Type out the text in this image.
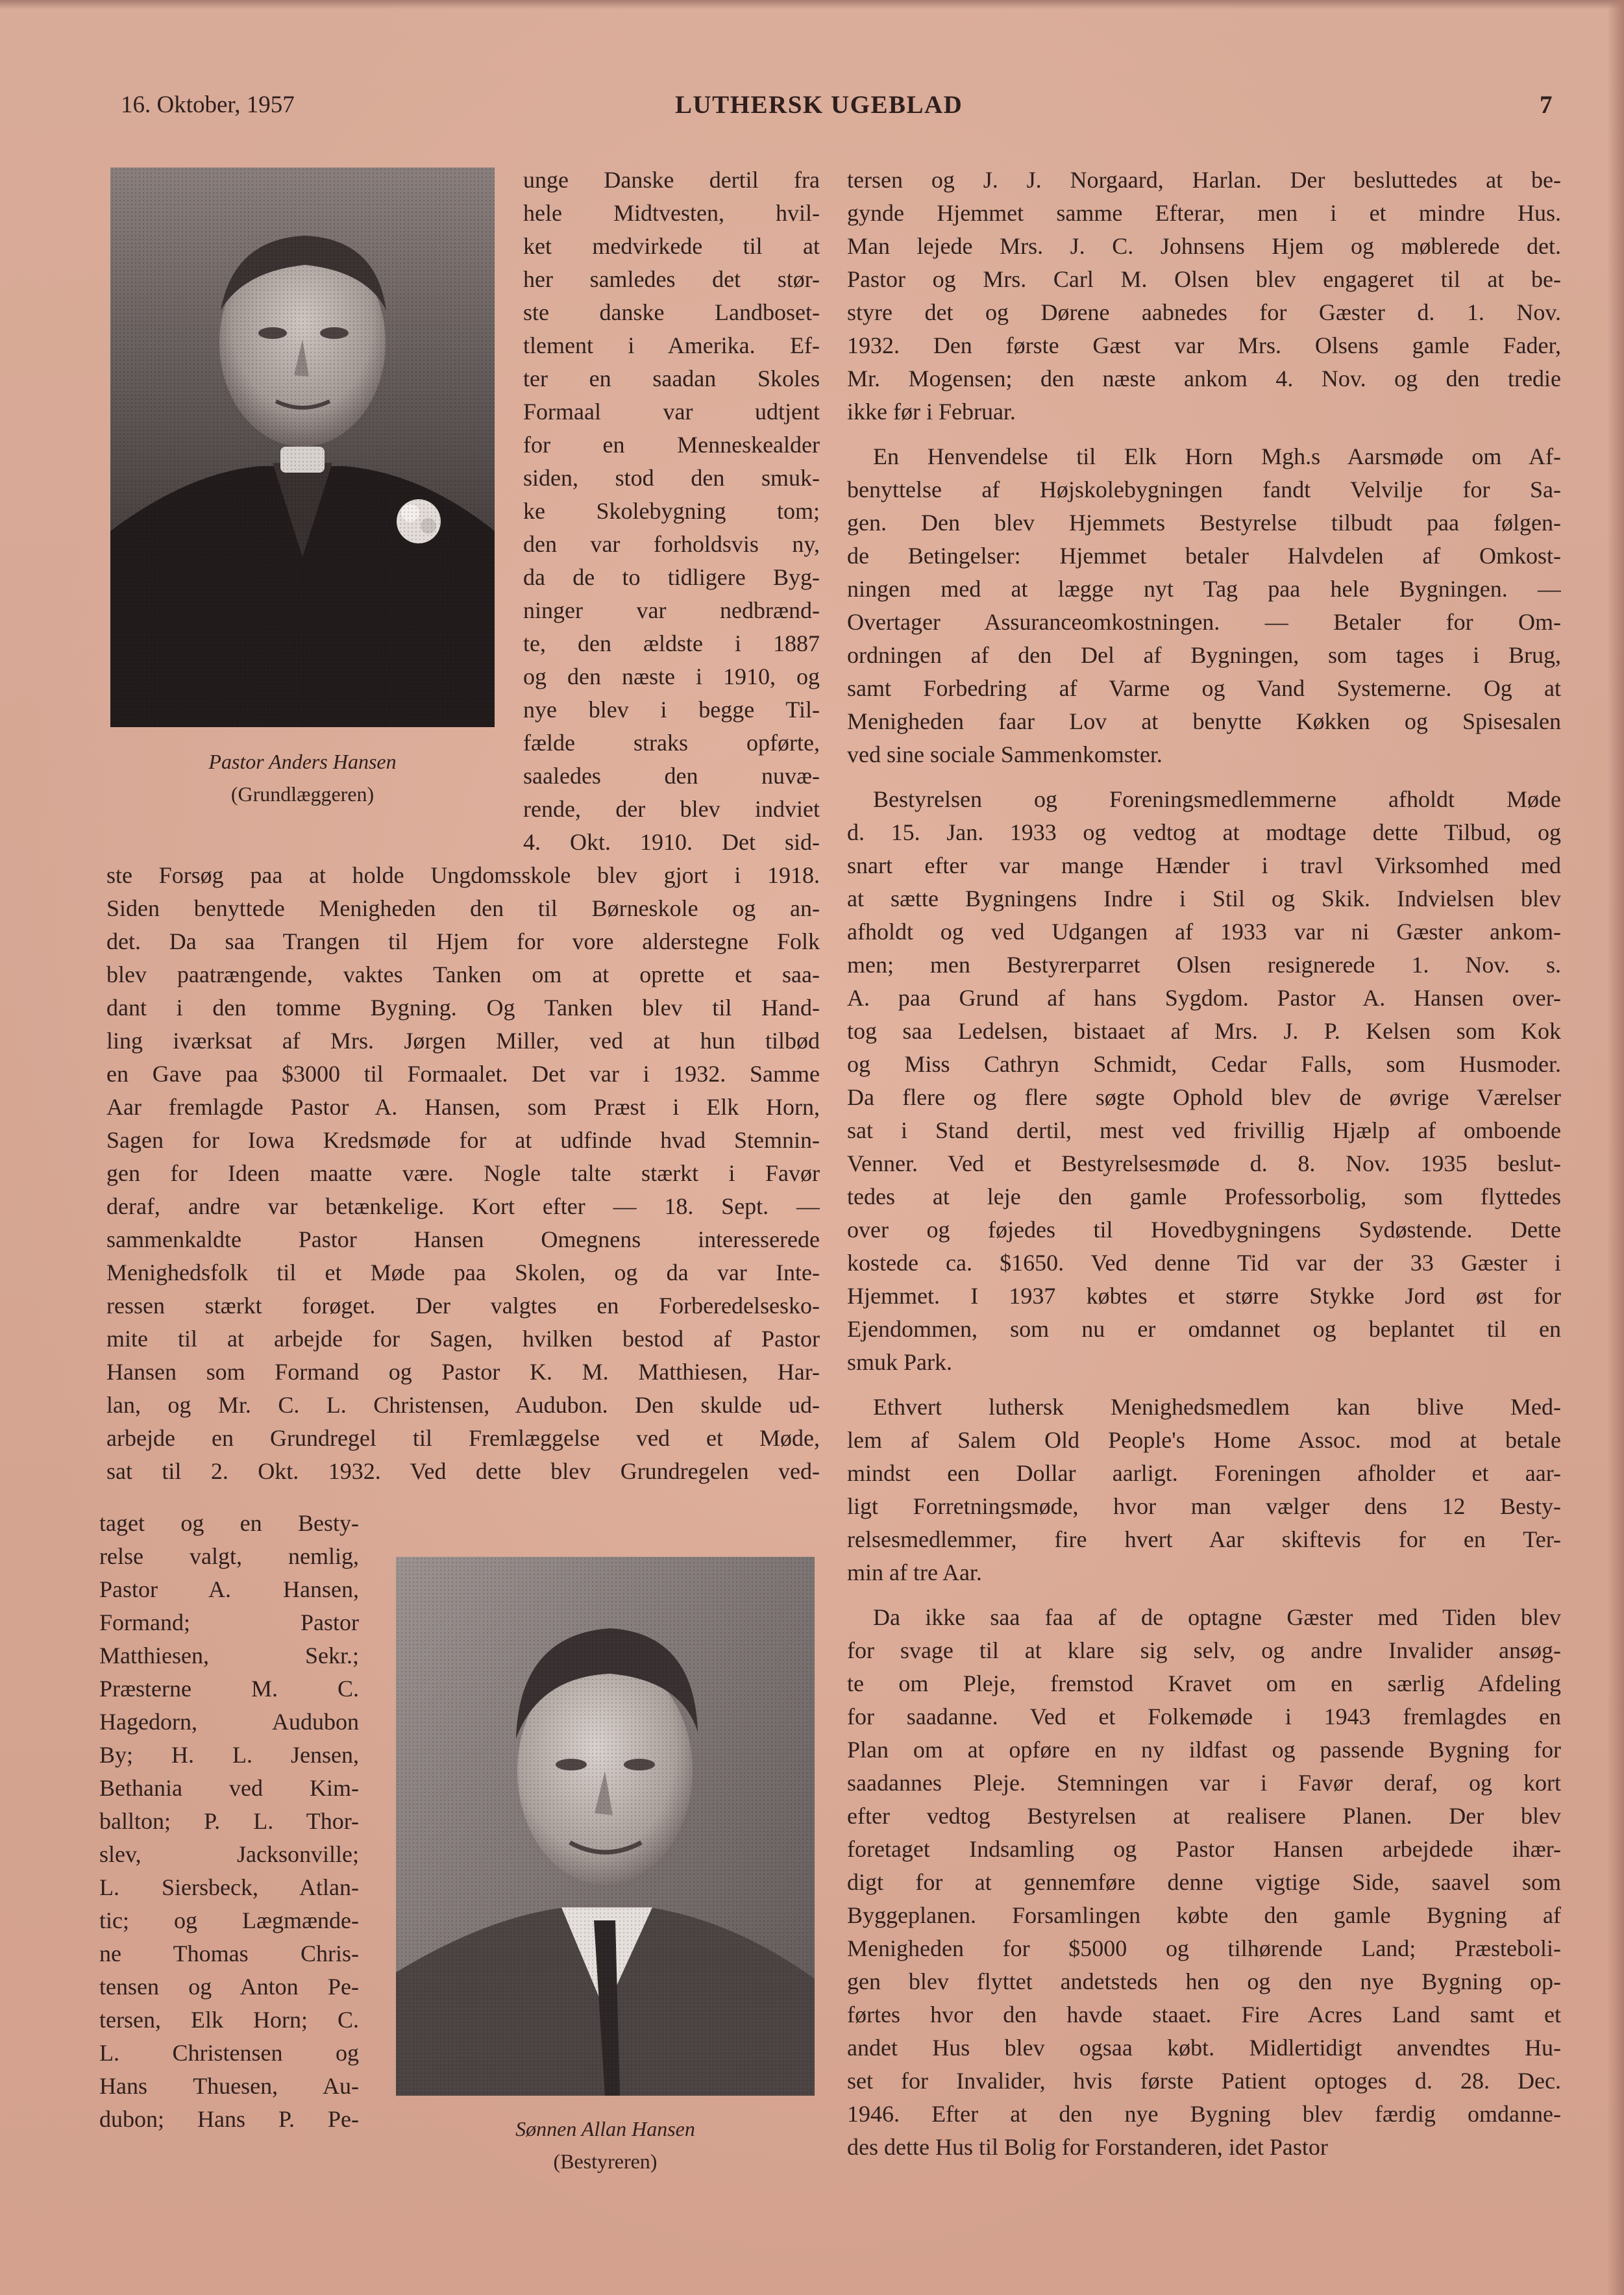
16. Oktober, 1957	LUTHERSK UGEBLAD	7
Pastor Anders Hansen
(Grundlæggeren)
Sønnen Allan Hansen
(Bestyreren)
unge Danske dertil fra
hele Midtvesten, hvil-
ket medvirkede til at
her samledes det stør-
ste danske Landboset-
tlement i Amerika. Ef-
ter en saadan Skoles
Formaal var udtjent
for en Menneskealder
siden, stod den smuk-
ke Skolebygning tom;
den var forholdsvis ny,
da de to tidligere Byg-
ninger var nedbrænd-
te, den ældste i 1887
og den næste i 1910, og
nye blev i begge Til-
fælde straks opførte,
saaledes den nuvæ-
rende, der blev indviet
4. Okt. 1910. Det sid-
ste Forsøg paa at holde Ungdomsskole blev gjort i 1918.
Siden benyttede Menigheden den til Børneskole og an-
det. Da saa Trangen til Hjem for vore alderstegne Folk
blev paatrængende, vaktes Tanken om at oprette et saa-
dant i den tomme Bygning. Og Tanken blev til Hand-
ling iværksat af Mrs. Jørgen Miller, ved at hun tilbød
en Gave paa $3000 til Formaalet. Det var i 1932. Samme
Aar fremlagde Pastor A. Hansen, som Præst i Elk Horn,
Sagen for Iowa Kredsmøde for at udfinde hvad Stemnin-
gen for Ideen maatte være. Nogle talte stærkt i Favør
deraf, andre var betænkelige. Kort efter — 18. Sept. —
sammenkaldte Pastor Hansen Omegnens interesserede
Menighedsfolk til et Møde paa Skolen, og da var Inte-
ressen stærkt forøget. Der valgtes en Forberedelsesko-
mite til at arbejde for Sagen, hvilken bestod af Pastor
Hansen som Formand og Pastor K. M. Matthiesen, Har-
lan, og Mr. C. L. Christensen, Audubon. Den skulde ud-
arbejde en Grundregel til Fremlæggelse ved et Møde,
sat til 2. Okt. 1932. Ved dette blev Grundregelen ved-
taget og en Besty-
relse valgt, nemlig,
Pastor A. Hansen,
Formand; Pastor
Matthiesen, Sekr.;
Præsterne M. C.
Hagedorn, Audubon
By; H. L. Jensen,
Bethania ved Kim-
ballton; P. L. Thor-
slev, Jacksonville;
L. Siersbeck, Atlan-
tic; og Lægmænde-
ne Thomas Chris-
tensen og Anton Pe-
tersen, Elk Horn; C.
L. Christensen og
Hans Thuesen, Au-
dubon; Hans P. Pe-
tersen og J. J. Norgaard, Harlan. Der besluttedes at be-
gynde Hjemmet samme Efterar, men i et mindre Hus.
Man lejede Mrs. J. C. Johnsens Hjem og møblerede det.
Pastor og Mrs. Carl M. Olsen blev engageret til at be-
styre det og Dørene aabnedes for Gæster d. 1. Nov.
1932. Den første Gæst var Mrs. Olsens gamle Fader,
Mr. Mogensen; den næste ankom 4. Nov. og den tredie
ikke før i Februar.
En Henvendelse til Elk Horn Mgh.s Aarsmøde om Af-
benyttelse af Højskolebygningen fandt Velvilje for Sa-
gen. Den blev Hjemmets Bestyrelse tilbudt paa følgen-
de Betingelser: Hjemmet betaler Halvdelen af Omkost-
ningen med at lægge nyt Tag paa hele Bygningen. —
Overtager Assuranceomkostningen. — Betaler for Om-
ordningen af den Del af Bygningen, som tages i Brug,
samt Forbedring af Varme og Vand Systemerne. Og at
Menigheden faar Lov at benytte Køkken og Spisesalen
ved sine sociale Sammenkomster.
Bestyrelsen og Foreningsmedlemmerne afholdt Møde
d. 15. Jan. 1933 og vedtog at modtage dette Tilbud, og
snart efter var mange Hænder i travl Virksomhed med
at sætte Bygningens Indre i Stil og Skik. Indvielsen blev
afholdt og ved Udgangen af 1933 var ni Gæster ankom-
men; men Bestyrerparret Olsen resignerede 1. Nov. s.
A. paa Grund af hans Sygdom. Pastor A. Hansen over-
tog saa Ledelsen, bistaaet af Mrs. J. P. Kelsen som Kok
og Miss Cathryn Schmidt, Cedar Falls, som Husmoder.
Da flere og flere søgte Ophold blev de øvrige Værelser
sat i Stand dertil, mest ved frivillig Hjælp af omboende
Venner. Ved et Bestyrelsesmøde d. 8. Nov. 1935 beslut-
tedes at leje den gamle Professorbolig, som flyttedes
over og føjedes til Hovedbygningens Sydøstende. Dette
kostede ca. $1650. Ved denne Tid var der 33 Gæster i
Hjemmet. I 1937 købtes et større Stykke Jord øst for
Ejendommen, som nu er omdannet og beplantet til en
smuk Park.
Ethvert luthersk Menighedsmedlem kan blive Med-
lem af Salem Old People's Home Assoc. mod at betale
mindst een Dollar aarligt. Foreningen afholder et aar-
ligt Forretningsmøde, hvor man vælger dens 12 Besty-
relsesmedlemmer, fire hvert Aar skiftevis for en Ter-
min af tre Aar.
Da ikke saa faa af de optagne Gæster med Tiden blev
for svage til at klare sig selv, og andre Invalider ansøg-
te om Pleje, fremstod Kravet om en særlig Afdeling
for saadanne. Ved et Folkemøde i 1943 fremlagdes en
Plan om at opføre en ny ildfast og passende Bygning for
saadannes Pleje. Stemningen var i Favør deraf, og kort
efter vedtog Bestyrelsen at realisere Planen. Der blev
foretaget Indsamling og Pastor Hansen arbejdede ihær-
digt for at gennemføre denne vigtige Side, saavel som
Byggeplanen. Forsamlingen købte den gamle Bygning af
Menigheden for $5000 og tilhørende Land; Præsteboli-
gen blev flyttet andetsteds hen og den nye Bygning op-
førtes hvor den havde staaet. Fire Acres Land samt et
andet Hus blev ogsaa købt. Midlertidigt anvendtes Hu-
set for Invalider, hvis første Patient optoges d. 28. Dec.
1946. Efter at den nye Bygning blev færdig omdanne-
des dette Hus til Bolig for Forstanderen, idet Pastor
